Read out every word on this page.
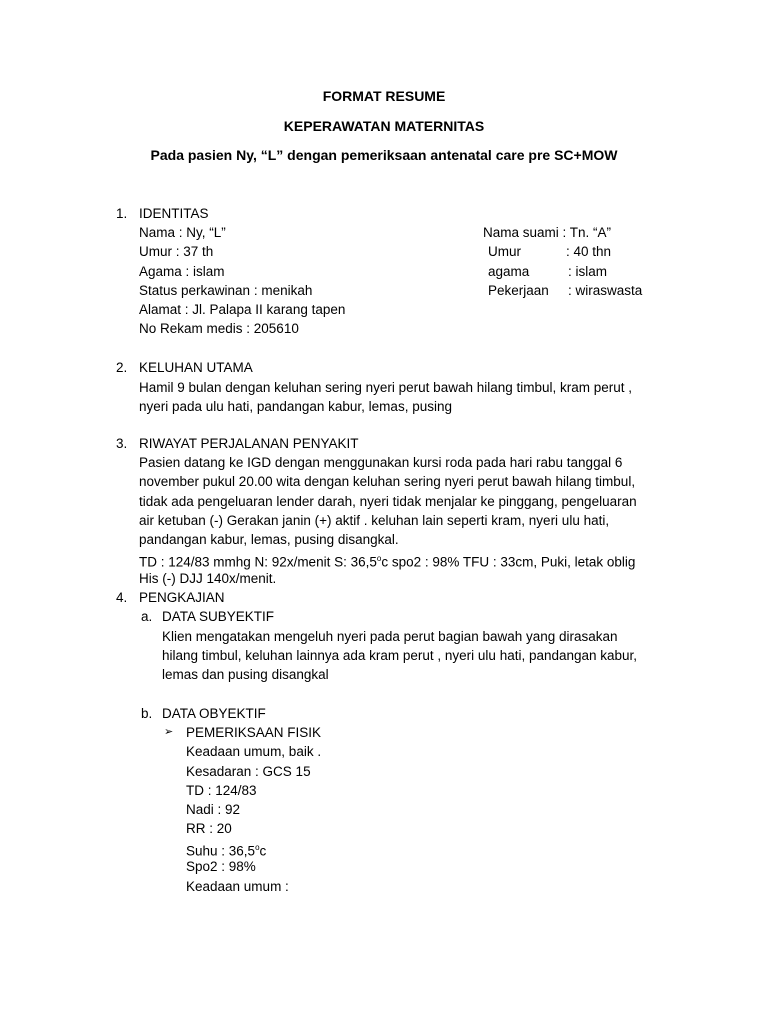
FORMAT RESUME
KEPERAWATAN MATERNITAS
Pada pasien Ny, “L” dengan pemeriksaan antenatal care pre SC+MOW
1. IDENTITAS
Nama : Ny, “L”
Umur : 37 th
Agama : islam
Status perkawinan : menikah
Alamat : Jl. Palapa II karang tapen
No Rekam medis : 205610
Nama suami : Tn. “A”
Umur	: 40 thn
agama	: islam
Pekerjaan : wiraswasta
2. KELUHAN UTAMA
Hamil 9 bulan dengan keluhan sering nyeri perut bawah hilang timbul, kram perut ,
nyeri pada ulu hati, pandangan kabur, lemas, pusing
3. RIWAYAT PERJALANAN PENYAKIT
Pasien datang ke IGD dengan menggunakan kursi roda pada hari rabu tanggal 6
november pukul 20.00 wita dengan keluhan sering nyeri perut bawah hilang timbul,
tidak ada pengeluaran lender darah, nyeri tidak menjalar ke pinggang, pengeluaran
air ketuban (-) Gerakan janin (+) aktif . keluhan lain seperti kram, nyeri ulu hati,
pandangan kabur, lemas, pusing disangkal.
TD : 124/83 mmhg N: 92x/menit S: 36,5$^o$c spo2 : 98% TFU : 33cm, Puki, letak oblig
His (-) DJJ 140x/menit.
4. PENGKAJIAN
a. DATA SUBYEKTIF
Klien mengatakan mengeluh nyeri pada perut bagian bawah yang dirasakan
hilang timbul, keluhan lainnya ada kram perut , nyeri ulu hati, pandangan kabur,
lemas dan pusing disangkal
b. DATA OBYEKTIF
➢ PEMERIKSAAN FISIK
Keadaan umum, baik .
Kesadaran : GCS 15
TD : 124/83
Nadi : 92
RR : 20
Suhu : 36,5$^o$c
Spo2 : 98%
Keadaan umum :
